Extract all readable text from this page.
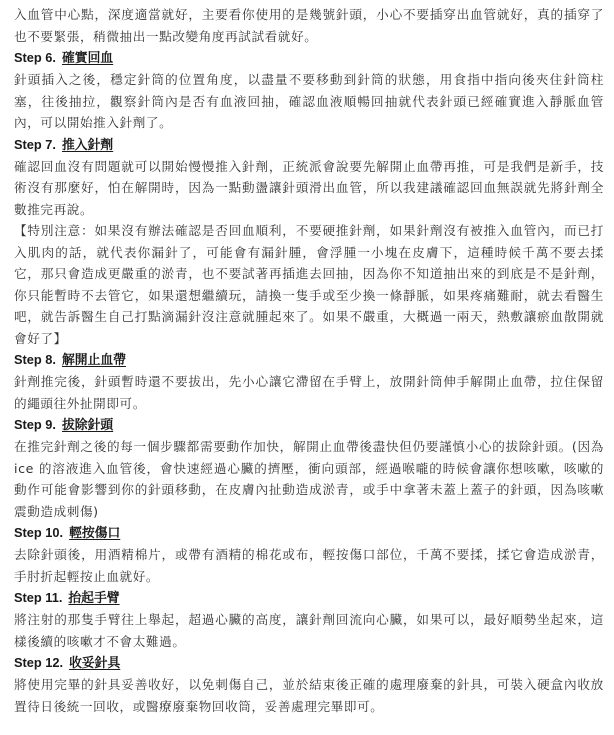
入血管中心點，深度適當就好，主要看你使用的是幾號針頭，小心不要插穿出血管就好，真的插穿了也不要緊張，稍微抽出一點改變角度再試試看就好。

Step 6. 確實回血

針頭插入之後，穩定針筒的位置角度，以盡量不要移動到針筒的狀態，用食指中指向後夾住針筒柱塞，往後抽拉，觀察針筒內是否有血液回抽，確認血液順暢回抽就代表針頭已經確實進入靜脈血管內，可以開始推入針劑了。

Step 7. 推入針劑

確認回血沒有問題就可以開始慢慢推入針劑，正統派會說要先解開止血帶再推，可是我們是新手，技術沒有那麼好，怕在解開時，因為一點動盪讓針頭滑出血管，所以我建議確認回血無誤就先將針劑全數推完再說。

【特別注意：如果沒有辦法確認是否回血順利，不要硬推針劑，如果針劑沒有被推入血管內，而已打入肌肉的話，就代表你漏針了，可能會有漏針腫，會浮腫一小塊在皮膚下，這種時候千萬不要去揉它，那只會造成更嚴重的淤青，也不要試著再插進去回抽，因為你不知道抽出來的到底是不是針劑，你只能暫時不去管它，如果還想繼續玩，請換一隻手或至少換一條靜脈，如果疼痛難耐，就去看醫生吧，就告訴醫生自己打點滴漏針沒注意就腫起來了。如果不嚴重，大概過一兩天，熱敷讓瘀血散開就會好了】

Step 8. 解開止血帶

針劑推完後，針頭暫時還不要拔出，先小心讓它滯留在手臂上，放開針筒伸手解開止血帶，拉住保留的繩頭往外扯開即可。

Step 9. 拔除針頭

在推完針劑之後的每一個步驟都需要動作加快，解開止血帶後盡快但仍要謹慎小心的拔除針頭。(因為 ice 的溶液進入血管後，會快速經過心臟的擠壓，衝向頭部，經過喉嚨的時候會讓你想咳嗽，咳嗽的動作可能會影響到你的針頭移動，在皮膚內扯動造成淤青，或手中拿著未蓋上蓋子的針頭，因為咳嗽震動造成刺傷)

Step 10. 輕按傷口

去除針頭後，用酒精棉片，或帶有酒精的棉花或布，輕按傷口部位，千萬不要揉，揉它會造成淤青，手肘折起輕按止血就好。

Step 11. 抬起手臂

將注射的那隻手臂往上舉起，超過心臟的高度，讓針劑回流向心臟，如果可以，最好順勢坐起來，這樣後續的咳嗽才不會太難過。

Step 12. 收妥針具

將使用完畢的針具妥善收好，以免刺傷自己，並於結束後正確的處理廢棄的針具，可裝入硬盒內收放置待日後統一回收，或醫療廢棄物回收筒，妥善處理完畢即可。
